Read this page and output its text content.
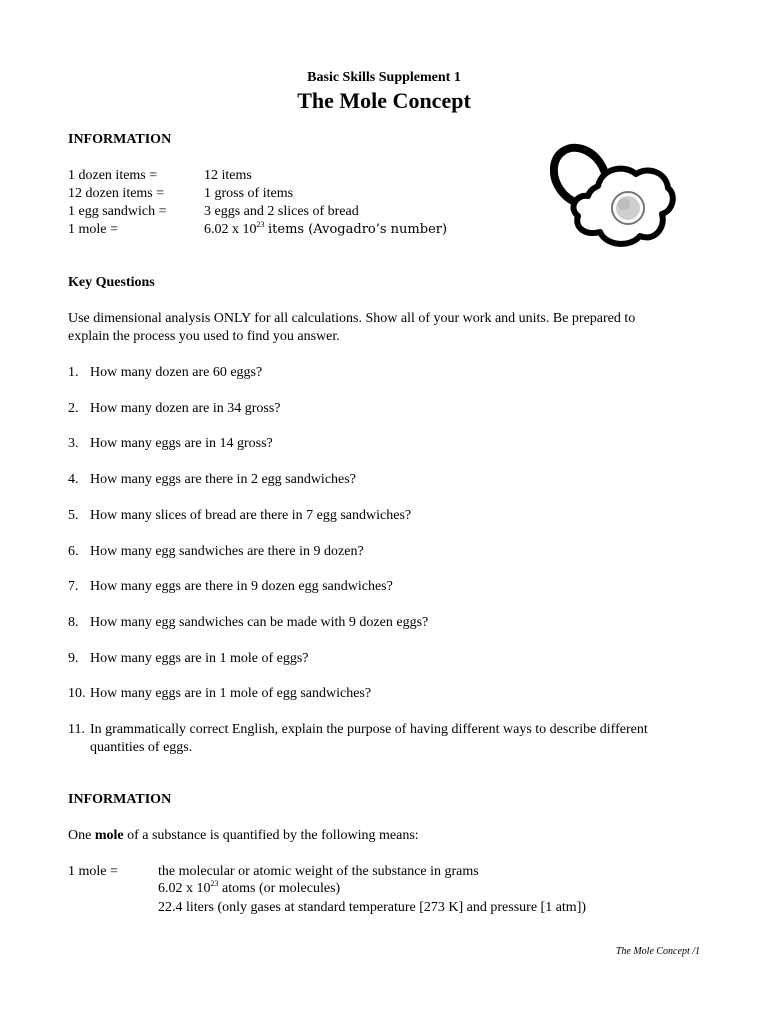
Basic Skills Supplement 1
The Mole Concept
INFORMATION
1 dozen items =	12 items
12 dozen items =	1 gross of items
1 egg sandwich =	3 eggs and 2 slices of bread
1 mole =	6.02 x $10^{23}$ items (Avogadro’s number)
Key Questions
Use dimensional analysis ONLY for all calculations. Show all of your work and units. Be prepared to
explain the process you used to find you answer.
1. How many dozen are 60 eggs?
2. How many dozen are in 34 gross?
3. How many eggs are in 14 gross?
4. How many eggs are there in 2 egg sandwiches?
5. How many slices of bread are there in 7 egg sandwiches?
6. How many egg sandwiches are there in 9 dozen?
7. How many eggs are there in 9 dozen egg sandwiches?
8. How many egg sandwiches can be made with 9 dozen eggs?
9. How many eggs are in 1 mole of eggs?
10. How many eggs are in 1 mole of egg sandwiches?
11. In grammatically correct English, explain the purpose of having different ways to describe different
quantities of eggs.
INFORMATION
One mole of a substance is quantified by the following means:
1 mole =	the molecular or atomic weight of the substance in grams
6.02 x $10^{23}$ atoms (or molecules)
22.4 liters (only gases at standard temperature [273 K] and pressure [1 atm])
The Mole Concept /1
